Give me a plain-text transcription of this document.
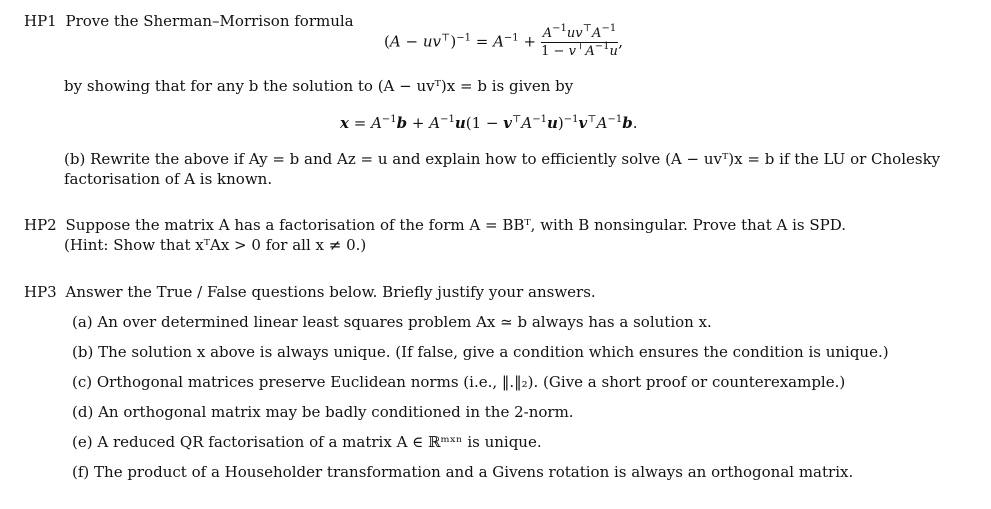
HP1 Prove the Sherman–Morrison formula
$(A - uv^⊤)^{-1} = A^{-1} + \frac{A^{-1}uv^⊤A^{-1}}{1 - v^⊤A^{-1}u}$ ,
by showing that for any b the solution to (A − uvᵀ)x = b is given by
$x = A^{-1}b + A^{-1}u(1 - v^⊤A^{-1}u)^{-1}v^⊤A^{-1}b$.
(b) Rewrite the above if Ay = b and Az = u and explain how to efficiently solve (A − uvᵀ)x = b if the LU or Cholesky
factorisation of A is known.
HP2 Suppose the matrix A has a factorisation of the form A = BBᵀ, with B nonsingular. Prove that A is SPD.
(Hint: Show that xᵀAx > 0 for all x ≠ 0.)
HP3 Answer the True / False questions below. Briefly justify your answers.
(a) An over determined linear least squares problem Ax ≃ b always has a solution x.
(b) The solution x above is always unique. (If false, give a condition which ensures the condition is unique.)
(c) Orthogonal matrices preserve Euclidean norms (i.e., ‖.‖₂). (Give a short proof or counterexample.)
(d) An orthogonal matrix may be badly conditioned in the 2-norm.
(e) A reduced QR factorisation of a matrix A ∈ ℝᵐˣⁿ is unique.
(f) The product of a Householder transformation and a Givens rotation is always an orthogonal matrix.
